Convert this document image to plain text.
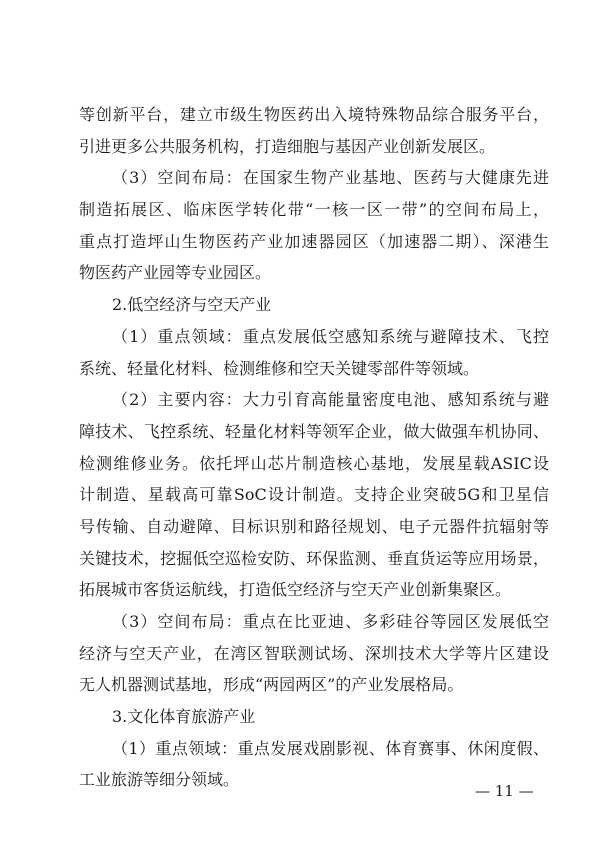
等创新平台，建立市级生物医药出入境特殊物品综合服务平台，
引进更多公共服务机构，打造细胞与基因产业创新发展区。
（3）空间布局：在国家生物产业基地、医药与大健康先进
制造拓展区、临床医学转化带“一核一区一带”的空间布局上，
重点打造坪山生物医药产业加速器园区（加速器二期）、深港生
物医药产业园等专业园区。
2.低空经济与空天产业
（1）重点领域：重点发展低空感知系统与避障技术、飞控
系统、轻量化材料、检测维修和空天关键零部件等领域。
（2）主要内容：大力引育高能量密度电池、感知系统与避
障技术、飞控系统、轻量化材料等领军企业，做大做强车机协同、
检测维修业务。依托坪山芯片制造核心基地，发展星载ASIC设
计制造、星载高可靠SoC设计制造。支持企业突破5G和卫星信
号传输、自动避障、目标识别和路径规划、电子元器件抗辐射等
关键技术，挖掘低空巡检安防、环保监测、垂直货运等应用场景，
拓展城市客货运航线，打造低空经济与空天产业创新集聚区。
（3）空间布局：重点在比亚迪、多彩硅谷等园区发展低空
经济与空天产业，在湾区智联测试场、深圳技术大学等片区建设
无人机器测试基地，形成“两园两区”的产业发展格局。
3.文化体育旅游产业
（1）重点领域：重点发展戏剧影视、体育赛事、休闲度假、
工业旅游等细分领域。
— 11 —
